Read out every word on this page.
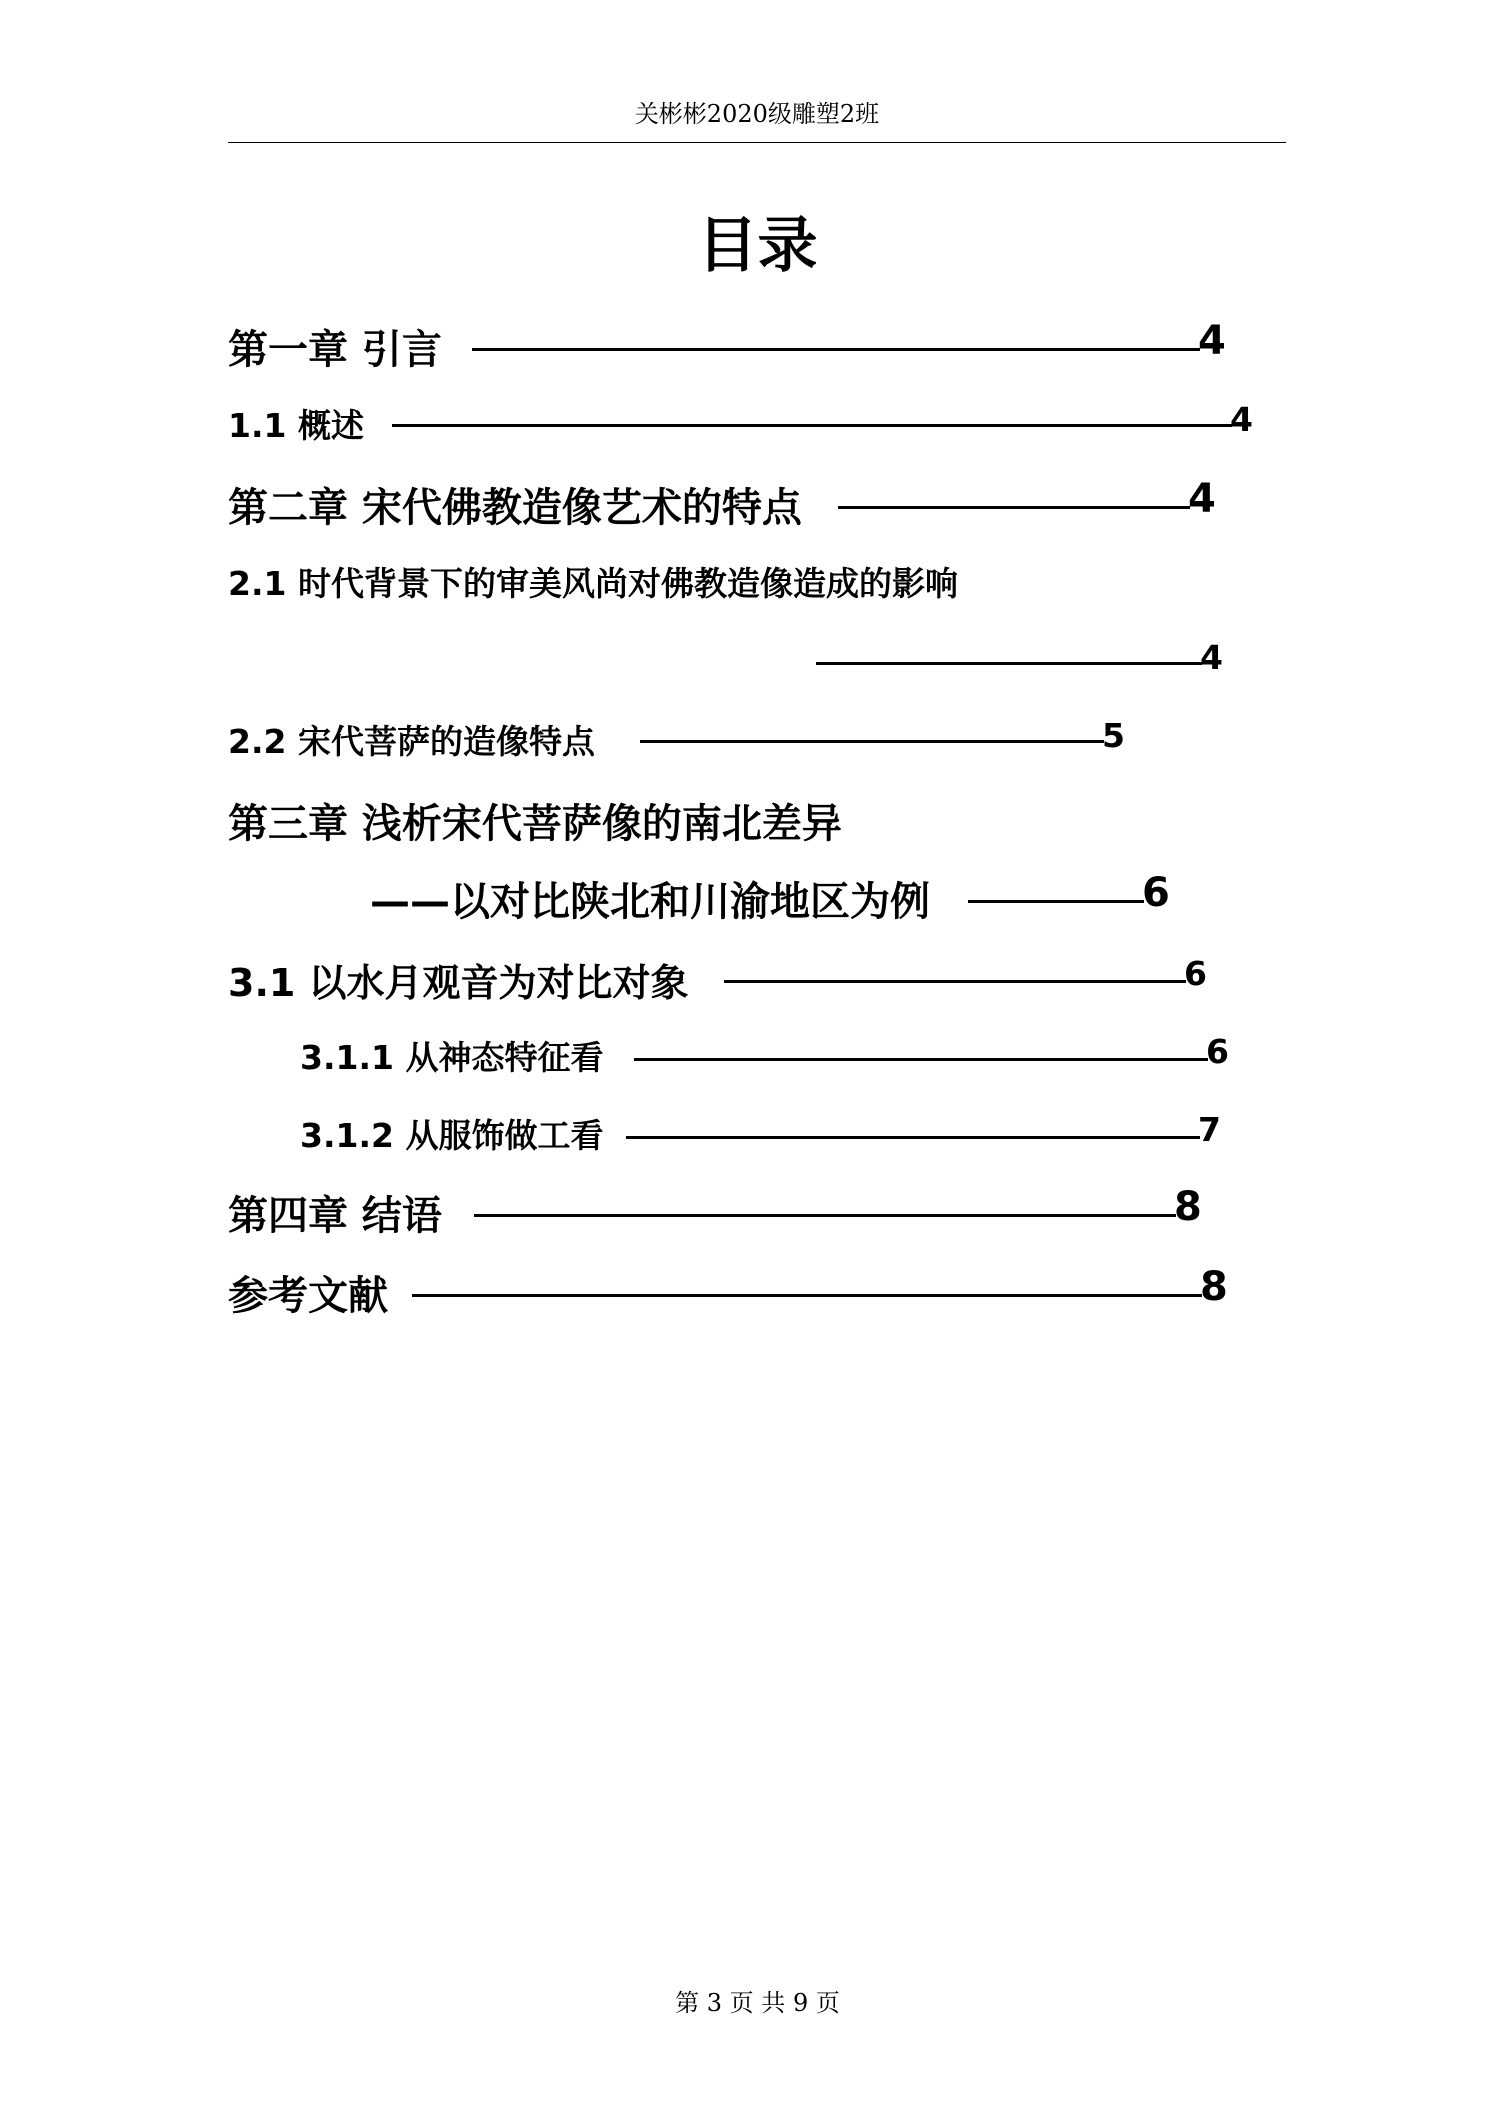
关彬彬2020级雕塑2班
目录
第一章 引言	4
1.1 概述	4
第二章 宋代佛教造像艺术的特点	4
2.1 时代背景下的审美风尚对佛教造像造成的影响
4
2.2 宋代菩萨的造像特点	5
第三章 浅析宋代菩萨像的南北差异
——以对比陕北和川渝地区为例	6
3.1 以水月观音为对比对象	6
3.1.1 从神态特征看	6
3.1.2 从服饰做工看	7
第四章 结语	8
参考文献	8
第 3 页 共 9 页
